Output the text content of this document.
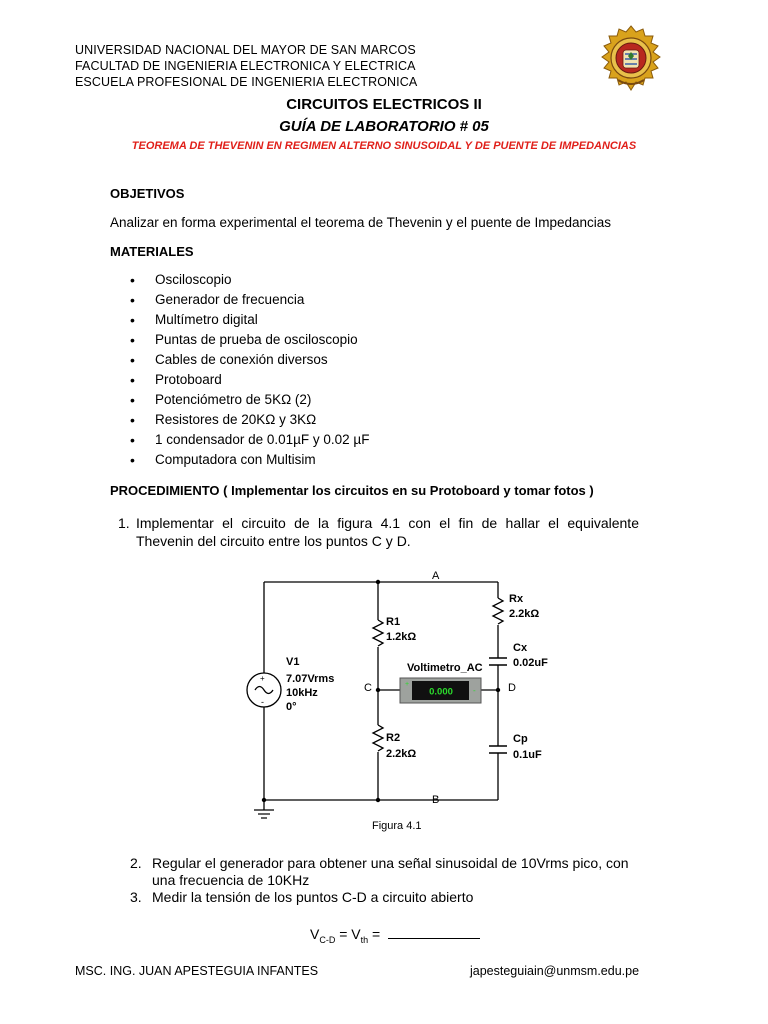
UNIVERSIDAD NACIONAL DEL MAYOR DE SAN MARCOS
FACULTAD DE INGENIERIA ELECTRONICA Y ELECTRICA
ESCUELA PROFESIONAL DE INGENIERIA ELECTRONICA
CIRCUITOS ELECTRICOS II
GUÍA DE LABORATORIO # 05
TEOREMA DE THEVENIN EN REGIMEN ALTERNO SINUSOIDAL Y DE PUENTE DE IMPEDANCIAS
OBJETIVOS
Analizar en forma experimental el teorema de Thevenin y el puente de Impedancias
MATERIALES
• Osciloscopio
• Generador de frecuencia
• Multímetro digital
• Puntas de prueba de osciloscopio
• Cables de conexión diversos
• Protoboard
• Potenciómetro de 5KΩ (2)
• Resistores de 20KΩ y 3KΩ
• 1 condensador de 0.01µF y 0.02 µF
• Computadora con Multisim
PROCEDIMIENTO ( Implementar los circuitos en su Protoboard y tomar fotos )
1. Implementar el circuito de la figura 4.1 con el fin de hallar el equivalente
Thevenin del circuito entre los puntos C y D.
+
-
0.000
+
-
A
B
C	D
V1
7.07Vrms
10kHz
0°
R1
1.2kΩ
R2
2.2kΩ
Rx
2.2kΩ
Cx
0.02uF
Cp
0.1uF
Voltimetro_AC
Figura 4.1
2. Regular el generador para obtener una señal sinusoidal de 10Vrms pico, con
una frecuencia de 10KHz
3. Medir la tensión de los puntos C-D a circuito abierto
$V_{C-D} = V_{th}$ =
MSC. ING. JUAN APESTEGUIA INFANTES	japesteguiain@unmsm.edu.pe
